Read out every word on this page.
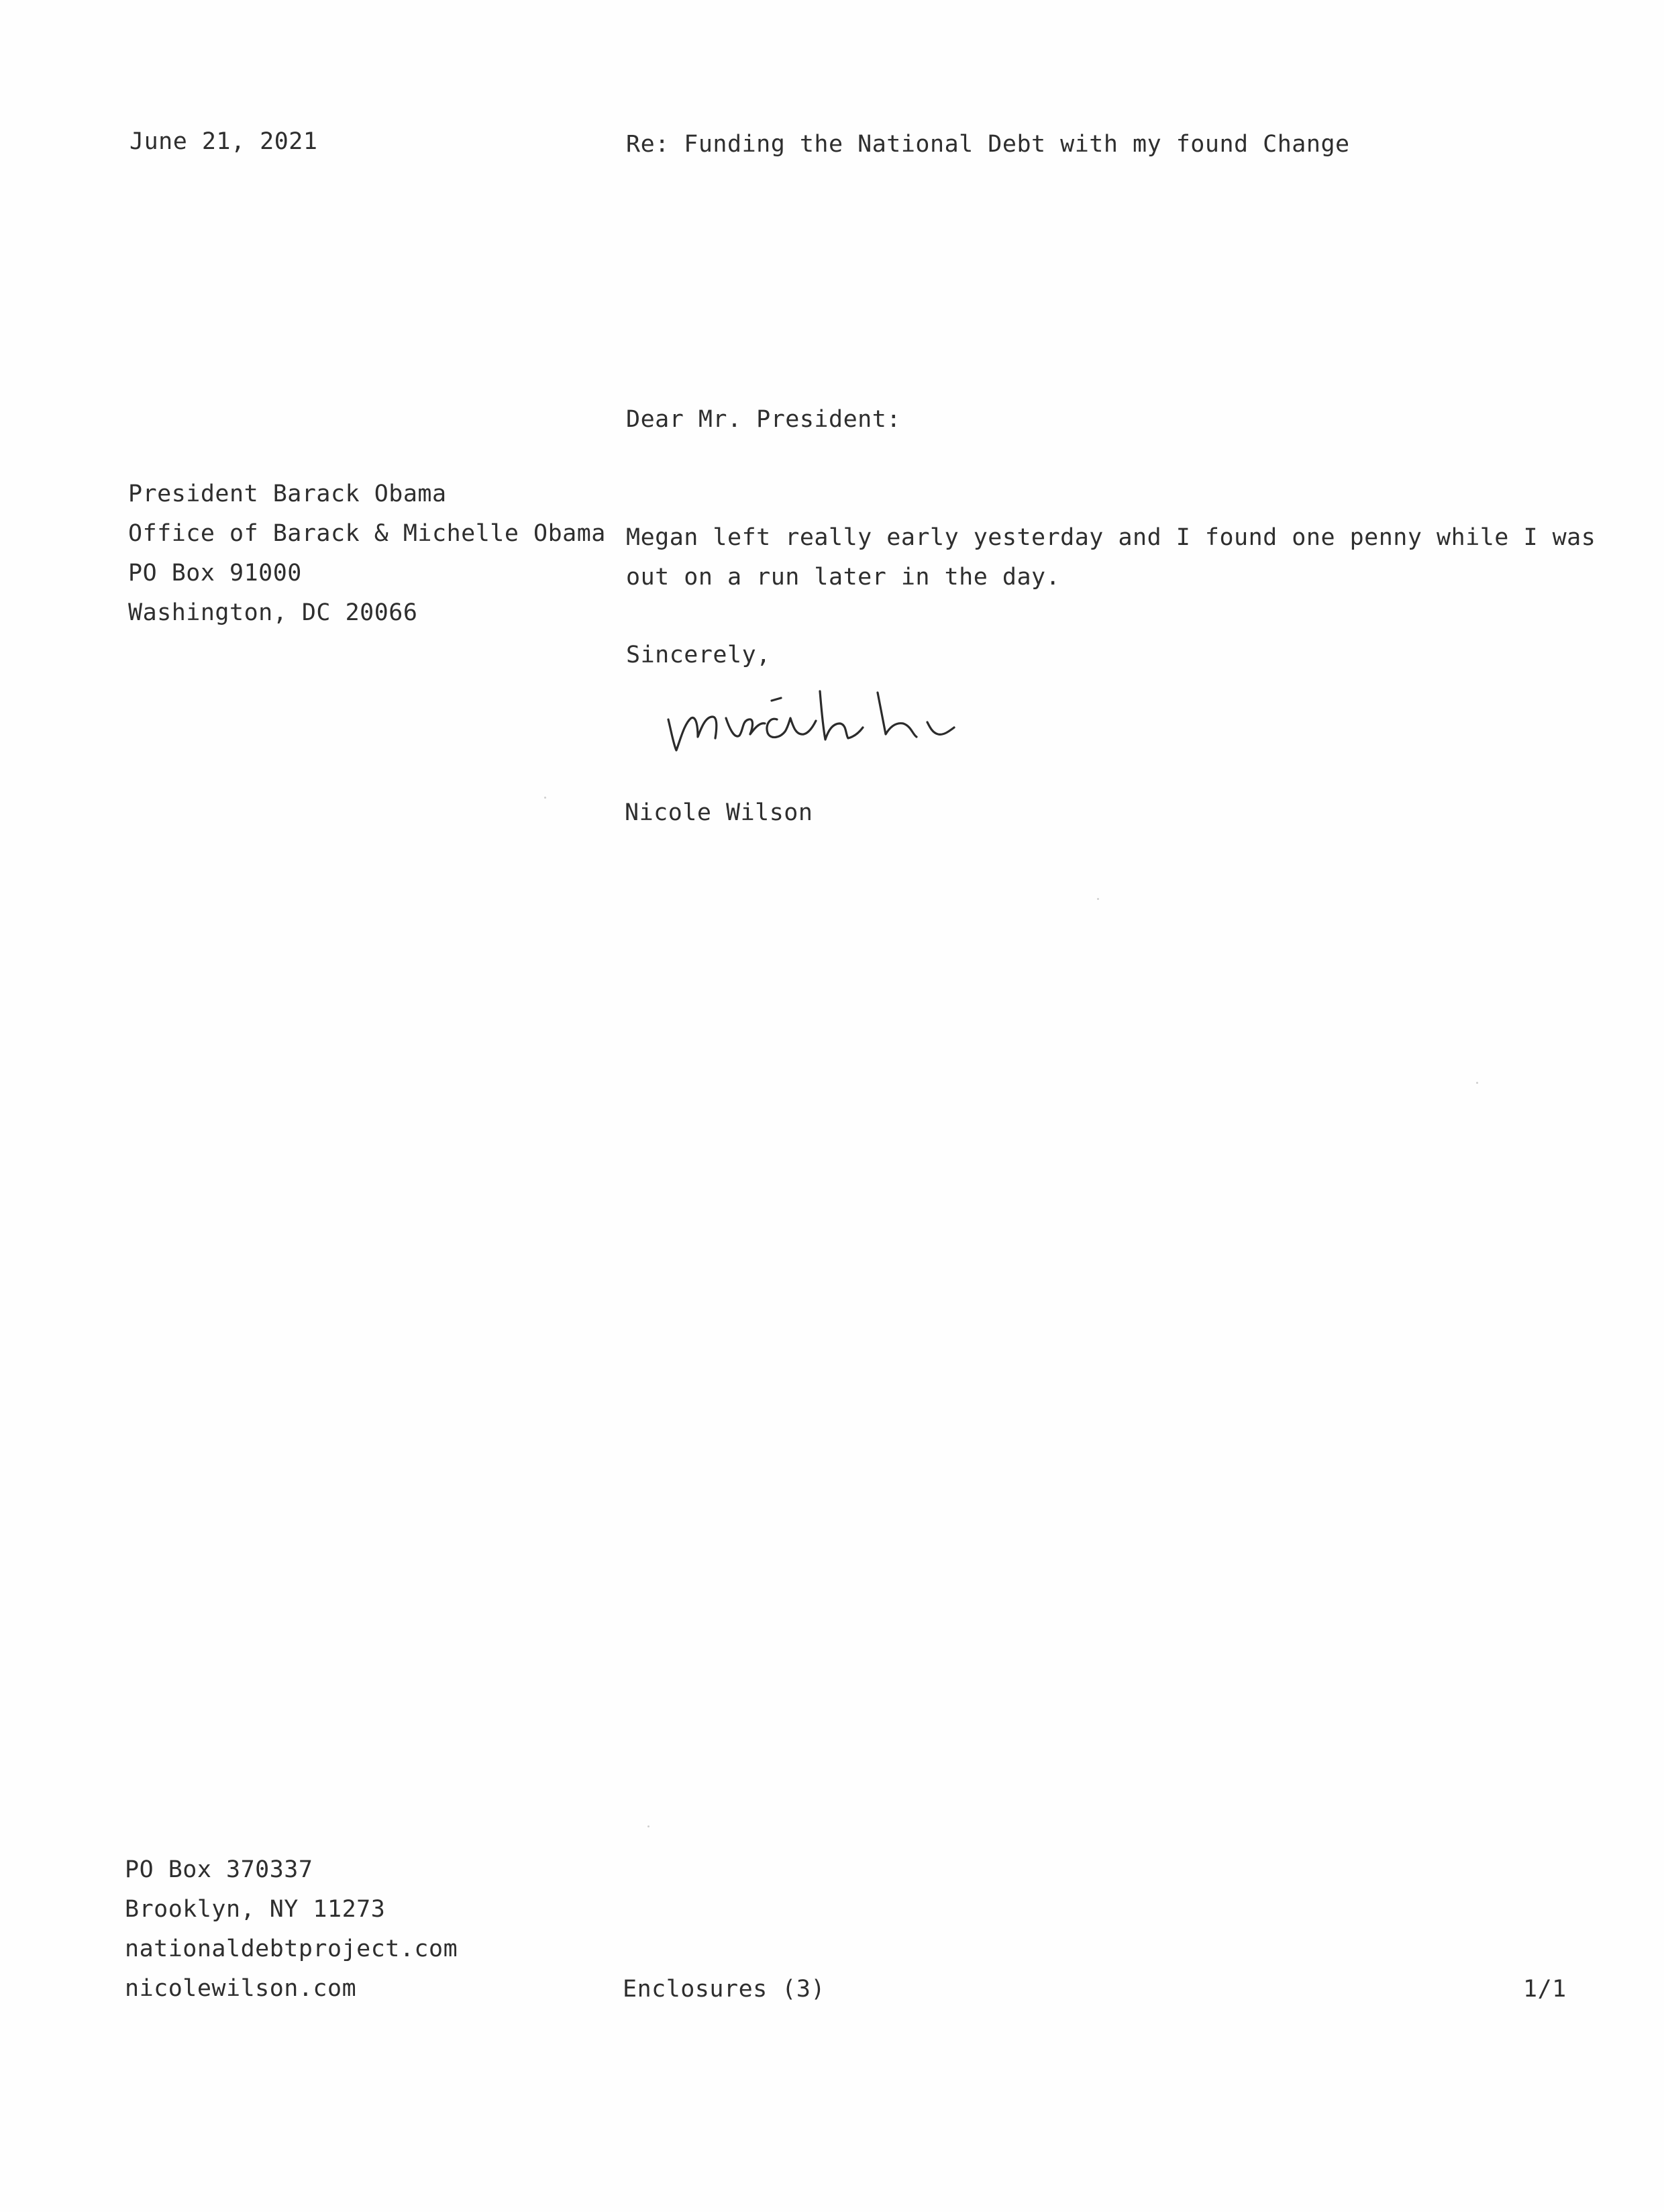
June 21, 2021	Re: Funding the National Debt with my found Change
Dear Mr. President:
President Barack Obama
Office of Barack & Michelle Obama
PO Box 91000
Washington, DC 20066
Megan left really early yesterday and I found one penny while I was
out on a run later in the day.
Sincerely,
Nicole Wilson
PO Box 370337
Brooklyn, NY 11273
nationaldebtproject.com
nicolewilson.com	Enclosures (3)	1/1
